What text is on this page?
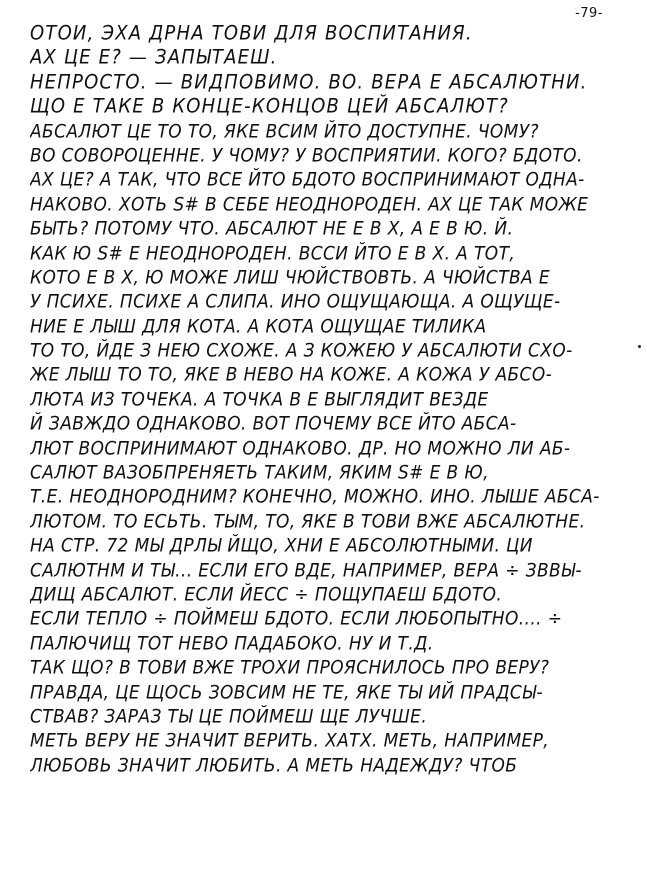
-79-
ОТОИ, ЭХА ДРНА ТОВИ ДЛЯ ВОСПИТАНИЯ.
АХ ЦЕ Е? — ЗАПЫТАЕШ.
НЕПРОСТО. — ВИДПОВИМО. ВО. ВЕРА Е АБСАЛЮТНИ.
ЩО Е ТАКЕ В КОНЦЕ-КОНЦОВ ЦЕЙ АБСАЛЮТ?
АБСАЛЮТ ЦЕ ТО ТО, ЯКЕ ВСИМ ЙТО ДОСТУПНЕ. ЧОМУ?
ВО СОВОРОЦЕННЕ. У ЧОМУ? У ВОСПРИЯТИИ. КОГО? БДОТО.
АХ ЦЕ? А ТАК, ЧТО ВСЕ ЙТО БДОТО ВОСПРИНИМАЮТ ОДНА-
НАКОВО. ХОТЬ S# В СЕБЕ НЕОДНОРОДЕН. АХ ЦЕ ТАК МОЖЕ
БЫТЬ? ПОТОМУ ЧТО. АБСАЛЮТ НЕ Е В Х, А Е В Ю. Й.
КАК Ю S# Е НЕОДНОРОДЕН. ВССИ ЙТО Е В Х. А ТОТ,
КОТО Е В Х, Ю МОЖЕ ЛИШ ЧЮЙСТВОВТЬ. А ЧЮЙСТВА Е
У ПСИХЕ. ПСИХЕ А СЛИПА. ИНО ОЩУЩАЮЩА. А ОЩУЩЕ-
НИЕ Е ЛЫШ ДЛЯ КОТА. А КОТА ОЩУЩАЕ ТИЛИКА
ТО ТО, ЙДЕ З НЕЮ СХОЖЕ. А З КОЖЕЮ У АБСАЛЮТИ СХО-
ЖЕ ЛЫШ ТО ТО, ЯКЕ В НЕВО НА КОЖЕ. А КОЖА У АБСО-
ЛЮТА ИЗ ТОЧЕКА. А ТОЧКА В Е ВЫГЛЯДИТ ВЕЗДЕ
Й ЗАВЖДО ОДНАКОВО. ВОТ ПОЧЕМУ ВСЕ ЙТО АБСА-
ЛЮТ ВОСПРИНИМАЮТ ОДНАКОВО. ДР. НО МОЖНО ЛИ АБ-
САЛЮТ ВАЗОБПРЕНЯЕТЬ ТАКИМ, ЯКИМ S# Е В Ю,
Т.Е. НЕОДНОРОДНИМ? КОНЕЧНО, МОЖНО. ИНО. ЛЫШЕ АБСА-
ЛЮТОМ. ТО ЕСЬТЬ. ТЫМ, ТО, ЯКЕ В ТОВИ ВЖЕ АБСАЛЮТНЕ.
НА СТР. 72 МЫ ДРЛЫ ЙЩО, ХНИ Е АБСОЛЮТНЫМИ. ЦИ
САЛЮТНМ И ТЫ... ЕСЛИ ЕГО ВДЕ, НАПРИМЕР, ВЕРА ÷ ЗВВЫ-
ДИЩ АБСАЛЮТ. ЕСЛИ ЙЕСС ÷ ПОЩУПАЕШ БДОТО.
ЕСЛИ ТЕПЛО ÷ ПОЙМЕШ БДОТО. ЕСЛИ ЛЮБОПЫТНО.... ÷
ПАЛЮЧИЩ ТОТ НЕВО ПАДАБОКО. НУ И Т.Д.
ТАК ЩО? В ТОВИ ВЖЕ ТРОХИ ПРОЯСНИЛОСЬ ПРО ВЕРУ?
ПРАВДА, ЦЕ ЩОСЬ ЗОВСИМ НЕ ТЕ, ЯКЕ ТЫ ИЙ ПРАДСЫ-
СТВАВ? ЗАРАЗ ТЫ ЦЕ ПОЙМЕШ ЩЕ ЛУЧШЕ.
МЕТЬ ВЕРУ НЕ ЗНАЧИТ ВЕРИТЬ. ХАТХ. МЕТЬ, НАПРИМЕР,
ЛЮБОВЬ ЗНАЧИТ ЛЮБИТЬ. А МЕТЬ НАДЕЖДУ? ЧТОБ
